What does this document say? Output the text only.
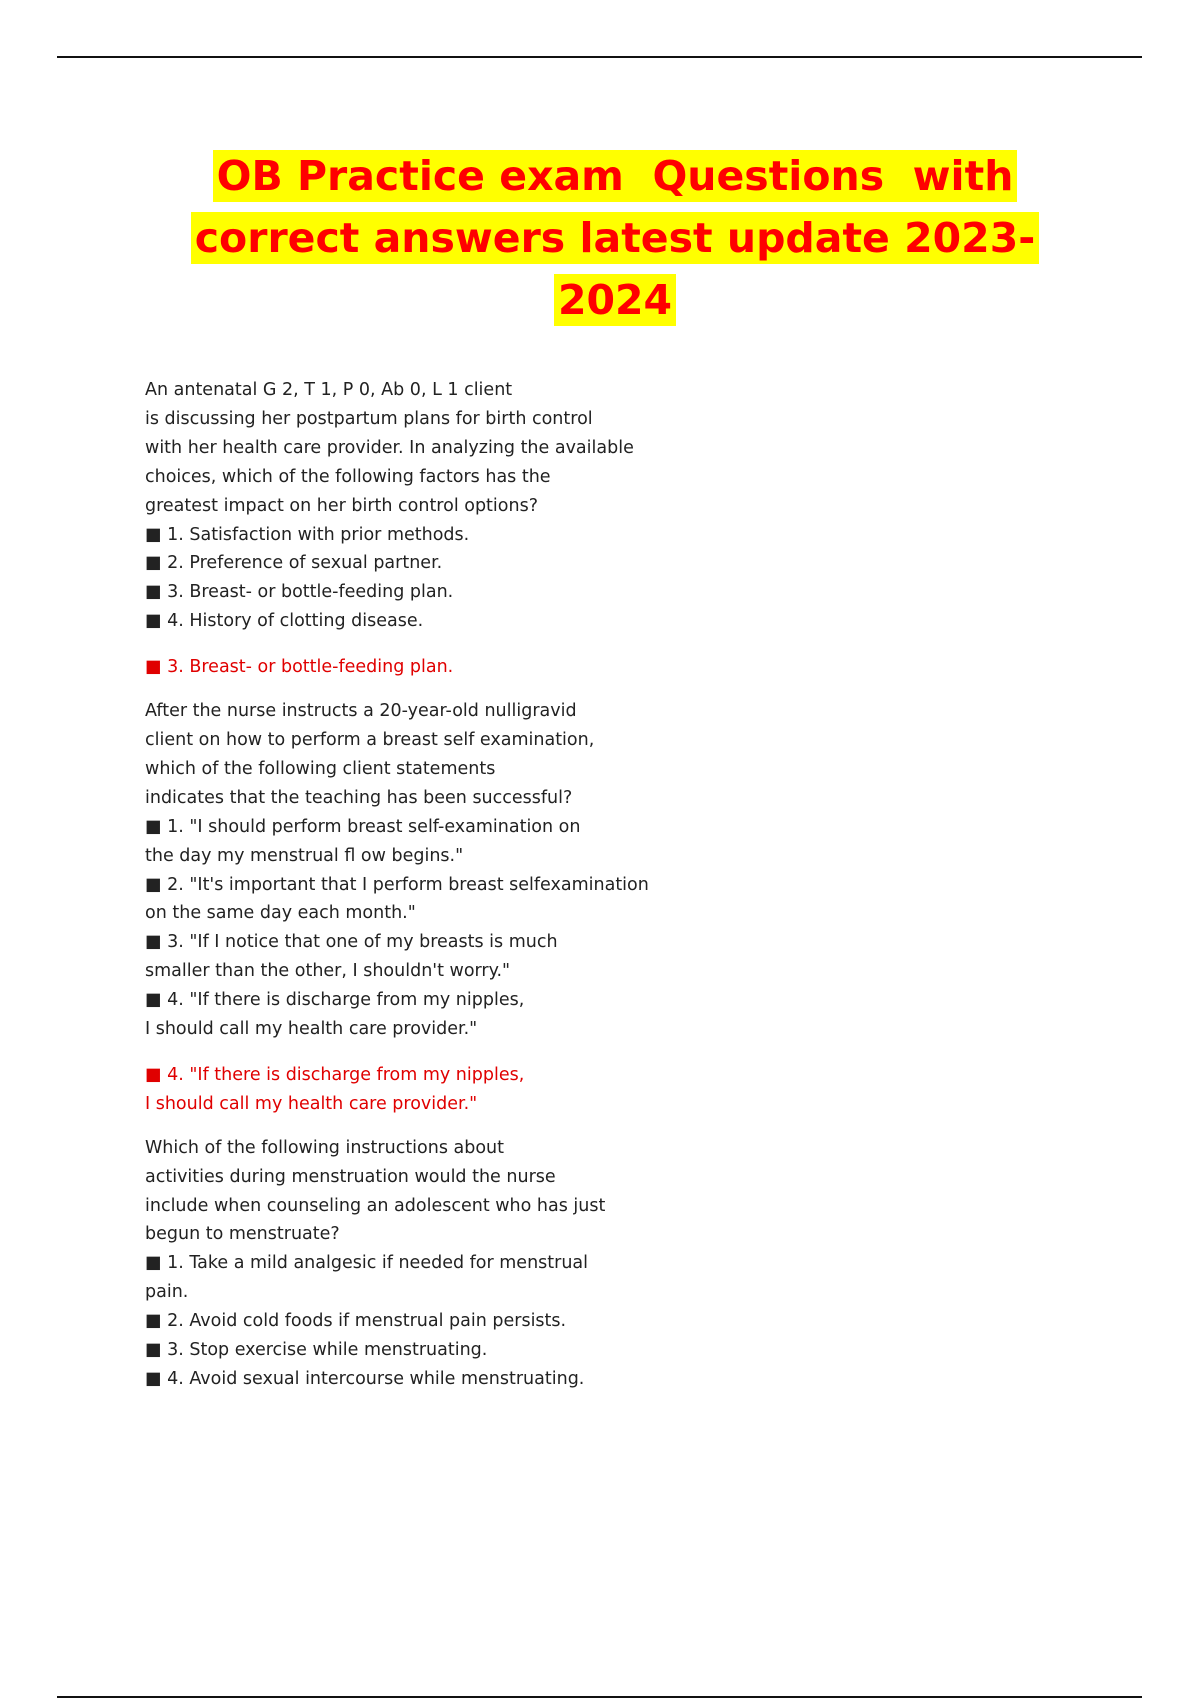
OB Practice exam  Questions  with
correct answers latest update 2023-
2024
An antenatal G 2, T 1, P 0, Ab 0, L 1 client
is discussing her postpartum plans for birth control
with her health care provider. In analyzing the available
choices, which of the following factors has the
greatest impact on her birth control options?
■ 1. Satisfaction with prior methods.
■ 2. Preference of sexual partner.
■ 3. Breast- or bottle-feeding plan.
■ 4. History of clotting disease.
■ 3. Breast- or bottle-feeding plan.
After the nurse instructs a 20-year-old nulligravid
client on how to perform a breast self examination,
which of the following client statements
indicates that the teaching has been successful?
■ 1. "I should perform breast self-examination on
the day my menstrual fl ow begins."
■ 2. "It's important that I perform breast selfexamination
on the same day each month."
■ 3. "If I notice that one of my breasts is much
smaller than the other, I shouldn't worry."
■ 4. "If there is discharge from my nipples,
I should call my health care provider."
■ 4. "If there is discharge from my nipples,
I should call my health care provider."
Which of the following instructions about
activities during menstruation would the nurse
include when counseling an adolescent who has just
begun to menstruate?
■ 1. Take a mild analgesic if needed for menstrual
pain.
■ 2. Avoid cold foods if menstrual pain persists.
■ 3. Stop exercise while menstruating.
■ 4. Avoid sexual intercourse while menstruating.
